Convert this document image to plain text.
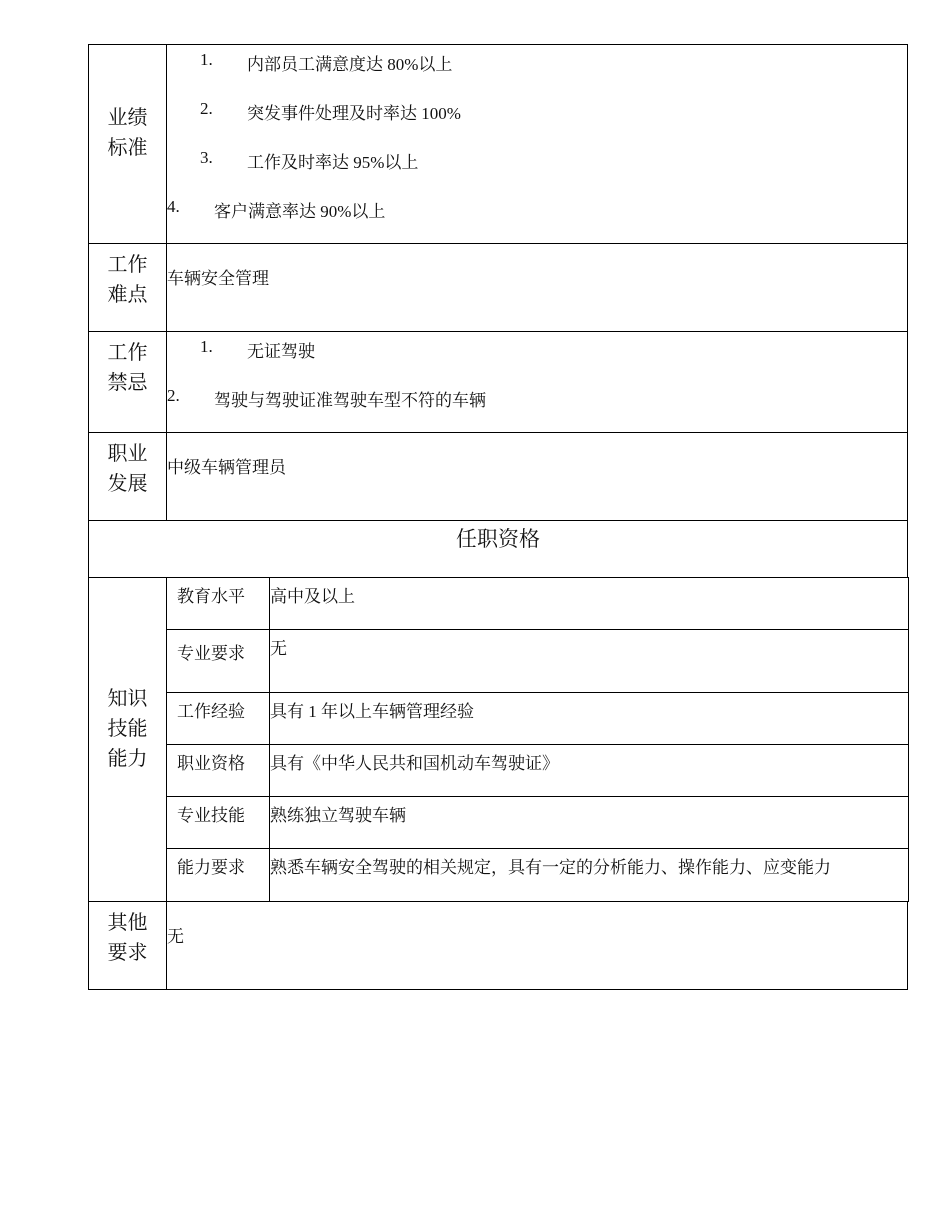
业绩
标准

1. 内部员工满意度达 80%以上
2. 突发事件处理及时率达 100%
3. 工作及时率达 95%以上
4. 客户满意率达 90%以上

工作
难点
	车辆安全管理

工作
禁忌

1. 无证驾驶
2. 驾驶与驾驶证准驾驶车型不符的车辆

职业
发展
	中级车辆管理员
任职资格

知识
技能
能力

教育水平	高中及以上
专业要求	无
工作经验	具有 1 年以上车辆管理经验
职业资格	具有《中华人民共和国机动车驾驶证》
专业技能	熟练独立驾驶车辆
能力要求	熟悉车辆安全驾驶的相关规定，具有一定的分析能力、操作能力、应变能力

其他
要求
	无
